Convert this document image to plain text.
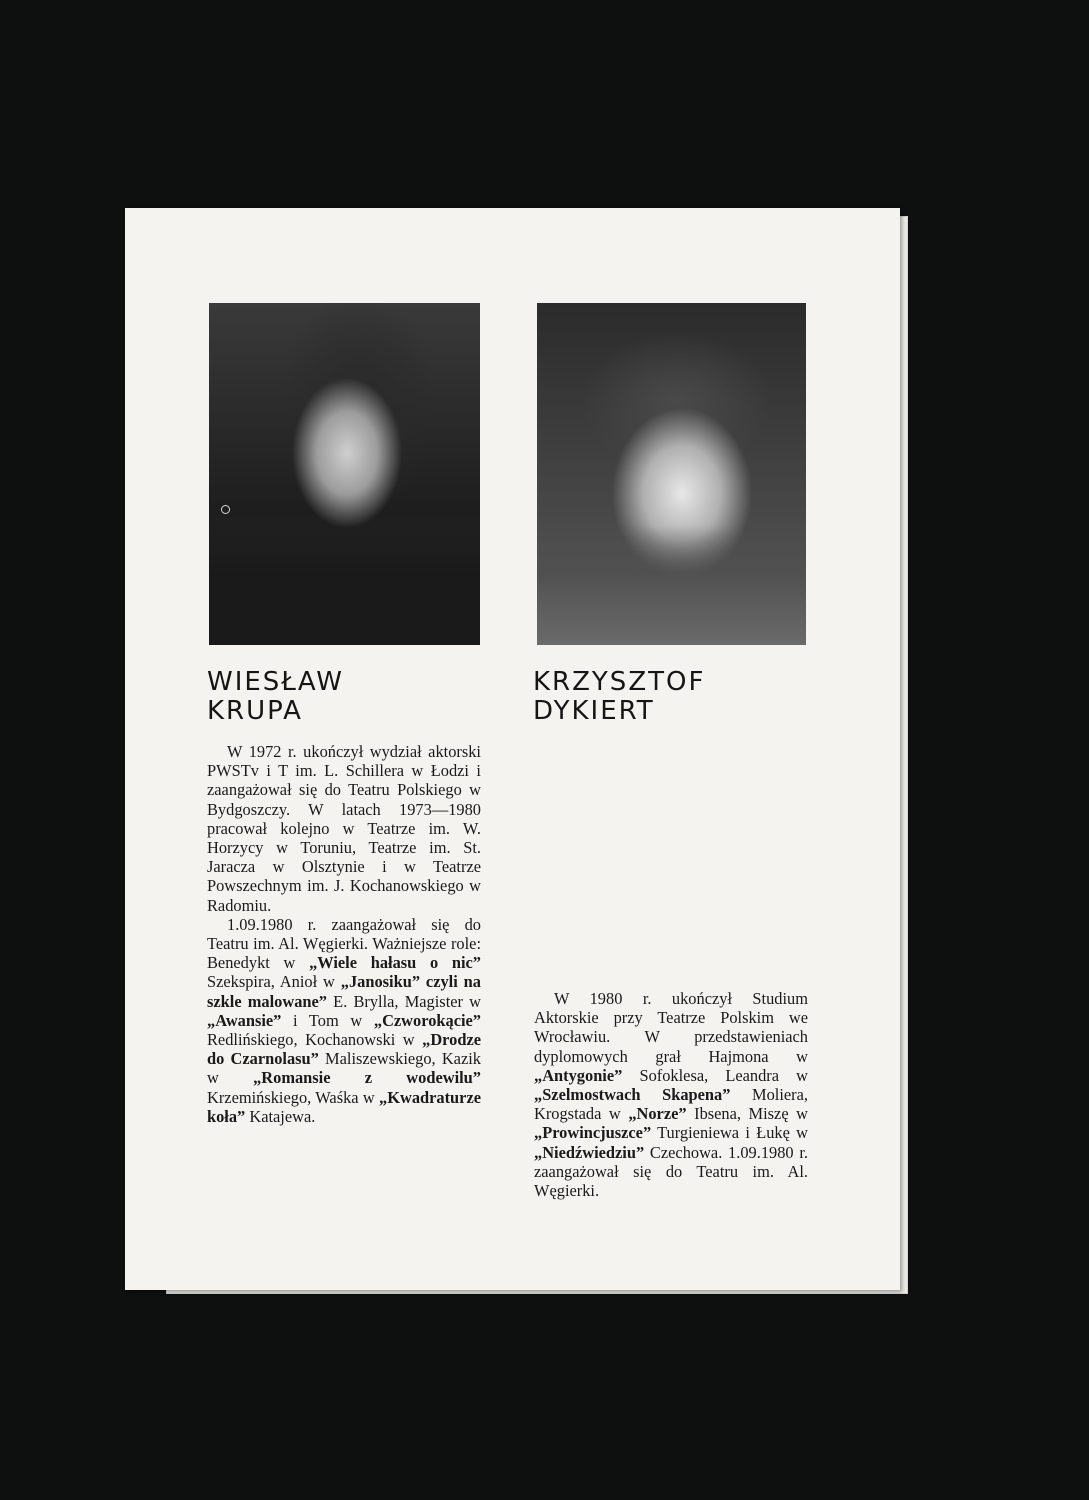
WIESŁAW
KRUPA
KRZYSZTOF
DYKIERT

W 1972 r. ukończył wydział aktorski PWSTv i T im. L. Schillera w Łodzi i zaangażował się do Teatru Polskiego w Bydgoszczy. W latach 1973—1980 pracował kolejno w Teatrze im. W. Horzycy w Toruniu, Teatrze im. St. Jaracza w Olsztynie i w Teatrze Powszechnym im. J. Kochanowskiego w Radomiu.

1.09.1980 r. zaangażował się do Teatru im. Al. Węgierki. Ważniejsze role: Benedykt w „Wiele hałasu o nic” Szekspira, Anioł w „Janosiku” czyli na szkle malowane” E. Brylla, Magister w „Awansie” i Tom w „Czworokącie” Redlińskiego, Kochanowski w „Drodze do Czarnolasu” Maliszewskiego, Kazik w „Romansie z wodewilu” Krzemińskiego, Waśka w „Kwadraturze koła” Katajewa.

W 1980 r. ukończył Studium Aktorskie przy Teatrze Polskim we Wrocławiu. W przedstawieniach dyplomowych grał Hajmona w „Antygonie” Sofoklesa, Leandra w „Szelmostwach Skapena” Moliera, Krogstada w „Norze” Ibsena, Miszę w „Prowincjuszce” Turgieniewa i Łukę w „Niedźwiedziu” Czechowa. 1.09.1980 r. zaangażował się do Teatru im. Al. Węgierki.
